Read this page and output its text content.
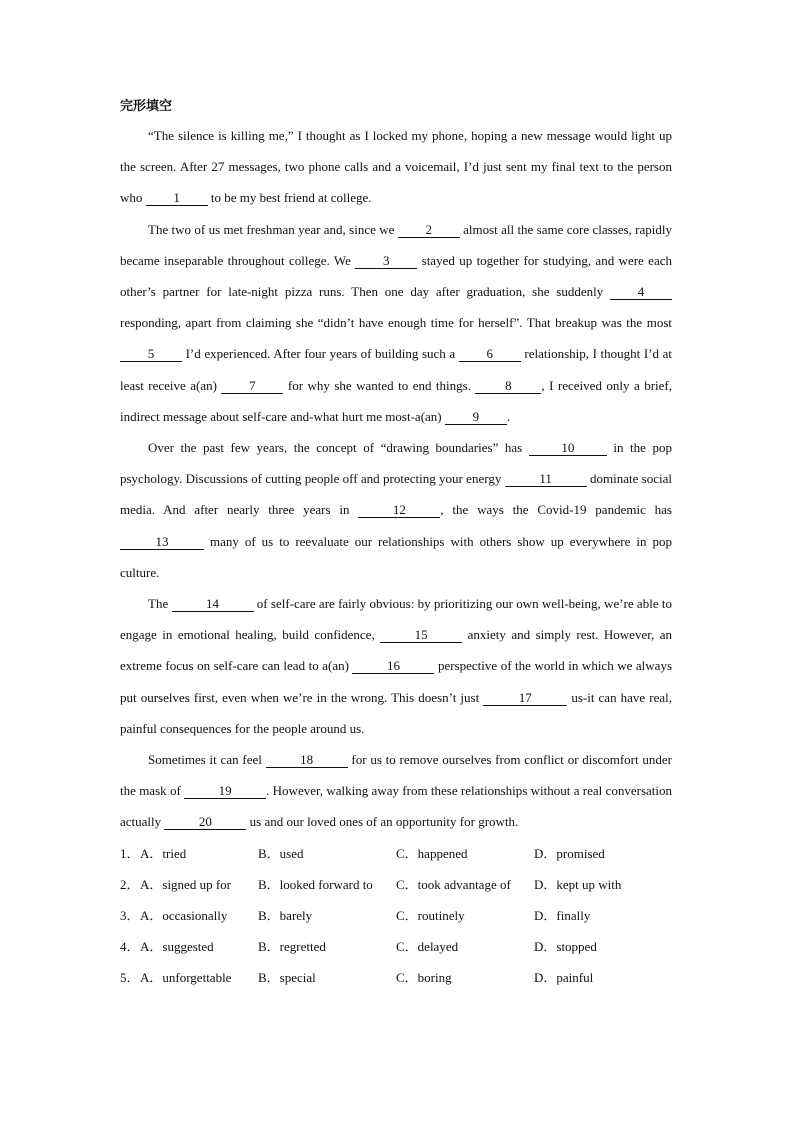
完形填空

“The silence is killing me,” I thought as I locked my phone, hoping a new message would light up the screen. After 27 messages, two phone calls and a voicemail, I’d just sent my final text to the person who 1 to be my best friend at college.

The two of us met freshman year and, since we 2 almost all the same core classes, rapidly became inseparable throughout college. We 3 stayed up together for studying, and were each other’s partner for late-night pizza runs. Then one day after graduation, she suddenly 4 responding, apart from claiming she “didn’t have enough time for herself”. That breakup was the most 5 I’d experienced. After four years of building such a 6 relationship, I thought I’d at least receive a(an) 7 for why she wanted to end things. 8 , I received only a brief, indirect message about self-care and-what hurt me most-a(an) 9 .

Over the past few years, the concept of “drawing boundaries” has	10	in the pop psychology. Discussions of cutting people off and protecting your energy	11	dominate social media. And after nearly three years in	12	, the ways the Covid-19 pandemic has 13	many of us to reevaluate our relationships with others show up everywhere in pop culture.

The	14	of self-care are fairly obvious: by prioritizing our own well-being, we’re able to engage in emotional healing, build confidence,	15	anxiety and simply rest. However, an extreme focus on self-care can lead to a(an)	16	perspective of the world in which we always put ourselves first, even when we’re in the wrong. This doesn’t just	17	us-it can have real, painful consequences for the people around us.

Sometimes it can feel	18	for us to remove ourselves from conflict or discomfort under the mask of	19	. However, walking away from these relationships without a real conversation actually	20	us and our loved ones of an opportunity for growth.

1． A．tried	B．used	C．happened	D．promised
2． A．signed up for	B．looked forward to	C．took advantage of	D．kept up with
3． A．occasionally	B．barely	C．routinely	D．finally
4． A．suggested	B．regretted	C．delayed	D．stopped
5． A．unforgettable	B．special	C．boring	D．painful
